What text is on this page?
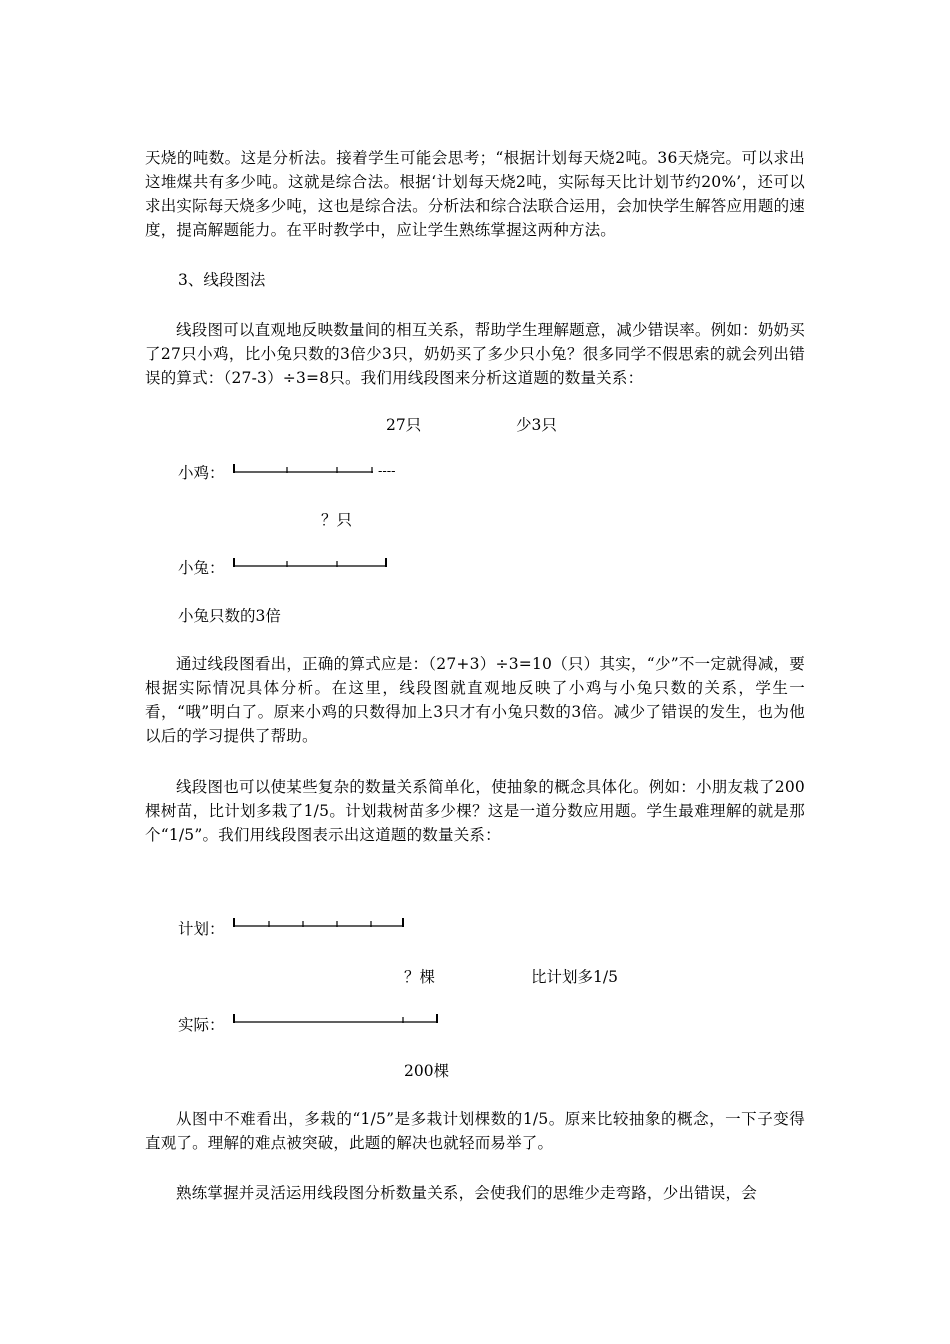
天烧的吨数。这是分析法。接着学生可能会思考；“根据计划每天烧2吨。36天烧完。可以求出这堆煤共有多少吨。这就是综合法。根据‘计划每天烧2吨，实际每天比计划节约20%’，还可以求出实际每天烧多少吨，这也是综合法。分析法和综合法联合运用，会加快学生解答应用题的速度，提高解题能力。在平时教学中，应让学生熟练掌握这两种方法。

3、线段图法

线段图可以直观地反映数量间的相互关系，帮助学生理解题意，减少错误率。例如：奶奶买了27只小鸡，比小兔只数的3倍少3只，奶奶买了多少只小兔？很多同学不假思索的就会列出错误的算式：（27-3）÷3=8只。我们用线段图来分析这道题的数量关系：

27只	少3只
小鸡：	----
？只
小兔：
小兔只数的3倍

通过线段图看出，正确的算式应是：（27+3）÷3=10（只）其实，“少”不一定就得减，要根据实际情况具体分析。在这里，线段图就直观地反映了小鸡与小兔只数的关系，学生一看，“哦”明白了。原来小鸡的只数得加上3只才有小兔只数的3倍。减少了错误的发生，也为他以后的学习提供了帮助。

线段图也可以使某些复杂的数量关系简单化，使抽象的概念具体化。例如：小朋友栽了200棵树苗，比计划多栽了1/5。计划栽树苗多少棵？这是一道分数应用题。学生最难理解的就是那个“1/5”。我们用线段图表示出这道题的数量关系：

计划：
？棵	比计划多1/5
实际：
200棵

从图中不难看出，多栽的“1/5”是多栽计划棵数的1/5。原来比较抽象的概念，一下子变得直观了。理解的难点被突破，此题的解决也就轻而易举了。

熟练掌握并灵活运用线段图分析数量关系，会使我们的思维少走弯路，少出错误，会
